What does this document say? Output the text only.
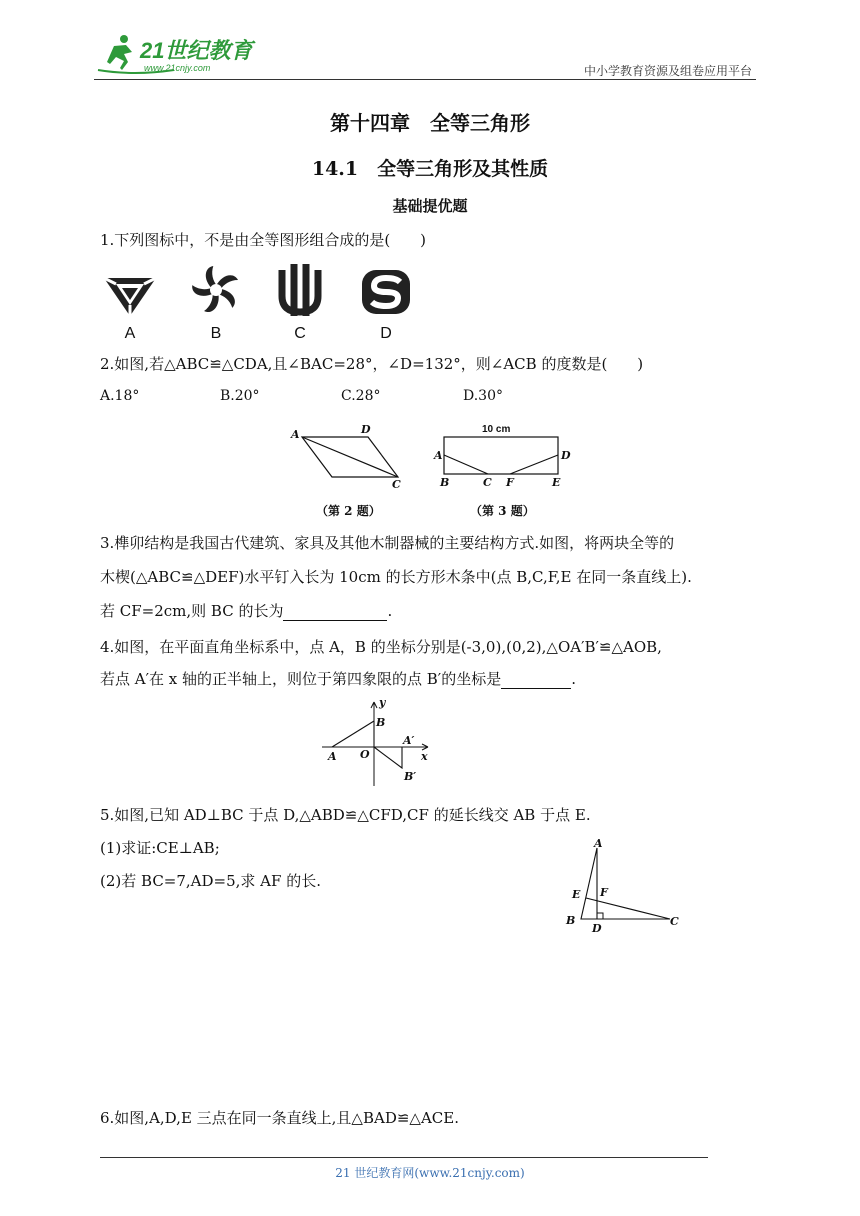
21世纪教育
www.21cnjy.com	中小学教育资源及组卷应用平台
第十四章　全等三角形
14.1　全等三角形及其性质
基础提优题
1.下列图标中，不是由全等图形组合成的是(　　)
A	B	C	D
2.如图,若△ABC≌△CDA,且∠BAC=28°，∠D=132°，则∠ACB 的度数是(　　)
A.18°	B.20°	C.28°	D.30°
A	D
C
（第 2 题）
10 cm
A	D
B	C F	E
（第 3 题）
3.榫卯结构是我国古代建筑、家具及其他木制器械的主要结构方式.如图，将两块全等的
木楔(△ABC≌△DEF)水平钉入长为 10cm 的长方形木条中(点 B,C,F,E 在同一条直线上).
若 CF=2cm,则 BC 的长为	.
4.如图，在平面直角坐标系中，点 A，B 的坐标分别是(-3,0),(0,2),△OA′B′≌△AOB,
若点 A′在 x 轴的正半轴上，则位于第四象限的点 B′的坐标是	.
y
x
O
A
B
A′
B′
5.如图,已知 AD⊥BC 于点 D,△ABD≌△CFD,CF 的延长线交 AB 于点 E.
(1)求证:CE⊥AB;
(2)若 BC=7,AD=5,求 AF 的长.
A
E F
B
D
C
6.如图,A,D,E 三点在同一条直线上,且△BAD≌△ACE.
21 世纪教育网(www.21cnjy.com)
